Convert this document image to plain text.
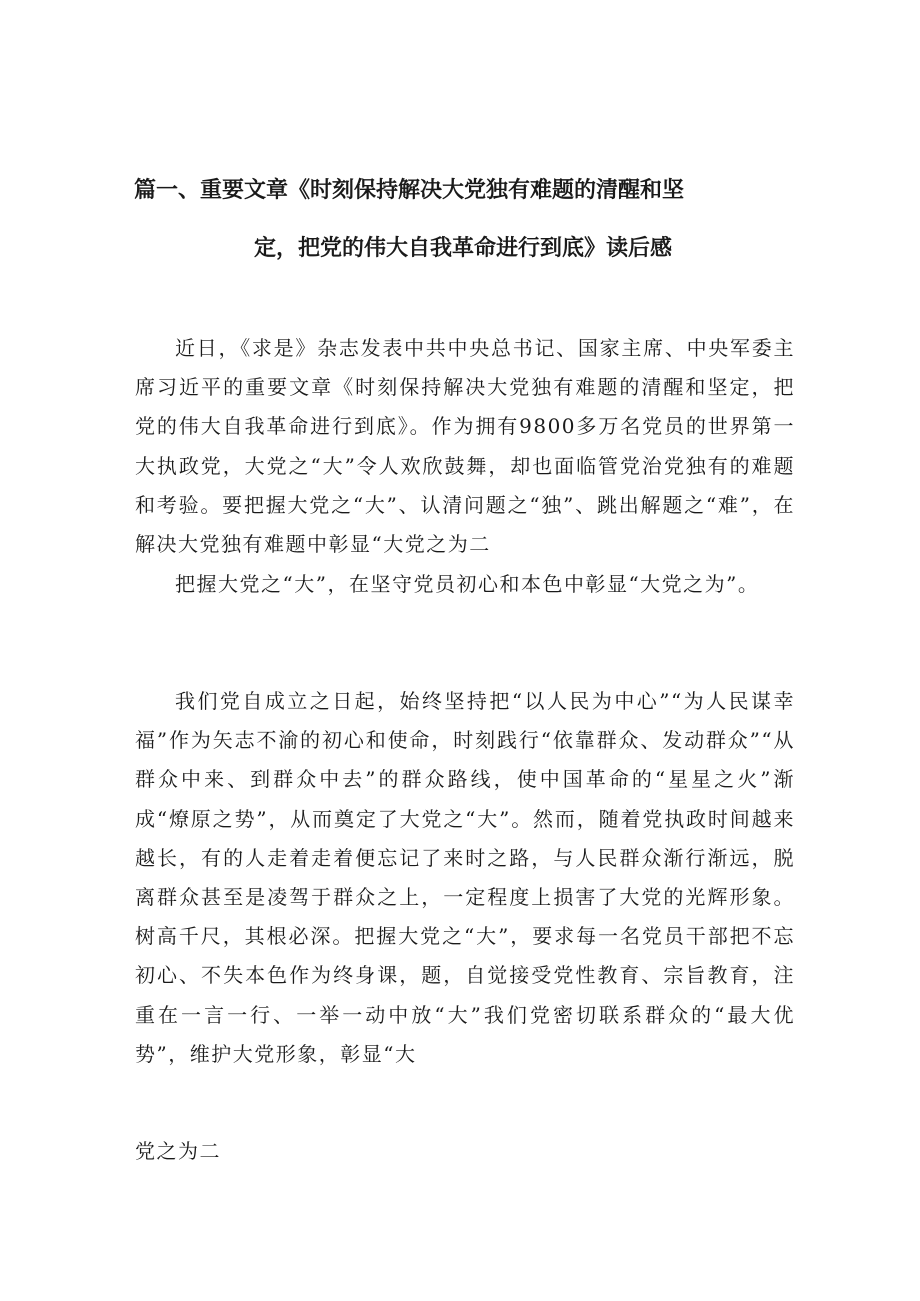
篇一、重要文章《时刻保持解决大党独有难题的清醒和坚
定，把党的伟大自我革命进行到底》读后感

近日，《求是》杂志发表中共中央总书记、国家主席、中央军委主席习近平的重要文章《时刻保持解决大党独有难题的清醒和坚定，把党的伟大自我革命进行到底》。作为拥有9800多万名党员的世界第一大执政党，大党之“大”令人欢欣鼓舞，却也面临管党治党独有的难题和考验。要把握大党之“大”、认清问题之“独”、跳出解题之“难”，在解决大党独有难题中彰显“大党之为二

把握大党之“大”，在坚守党员初心和本色中彰显“大党之为”。

我们党自成立之日起，始终坚持把“以人民为中心”“为人民谋幸福”作为矢志不渝的初心和使命，时刻践行“依靠群众、发动群众”“从群众中来、到群众中去”的群众路线，使中国革命的“星星之火”渐成“燎原之势”，从而奠定了大党之“大”。然而，随着党执政时间越来越长，有的人走着走着便忘记了来时之路，与人民群众渐行渐远，脱离群众甚至是凌驾于群众之上，一定程度上损害了大党的光辉形象。树高千尺，其根必深。把握大党之“大”，要求每一名党员干部把不忘初心、不失本色作为终身课，题，自觉接受党性教育、宗旨教育，注重在一言一行、一举一动中放“大”我们党密切联系群众的“最大优势”，维护大党形象，彰显“大

党之为二
